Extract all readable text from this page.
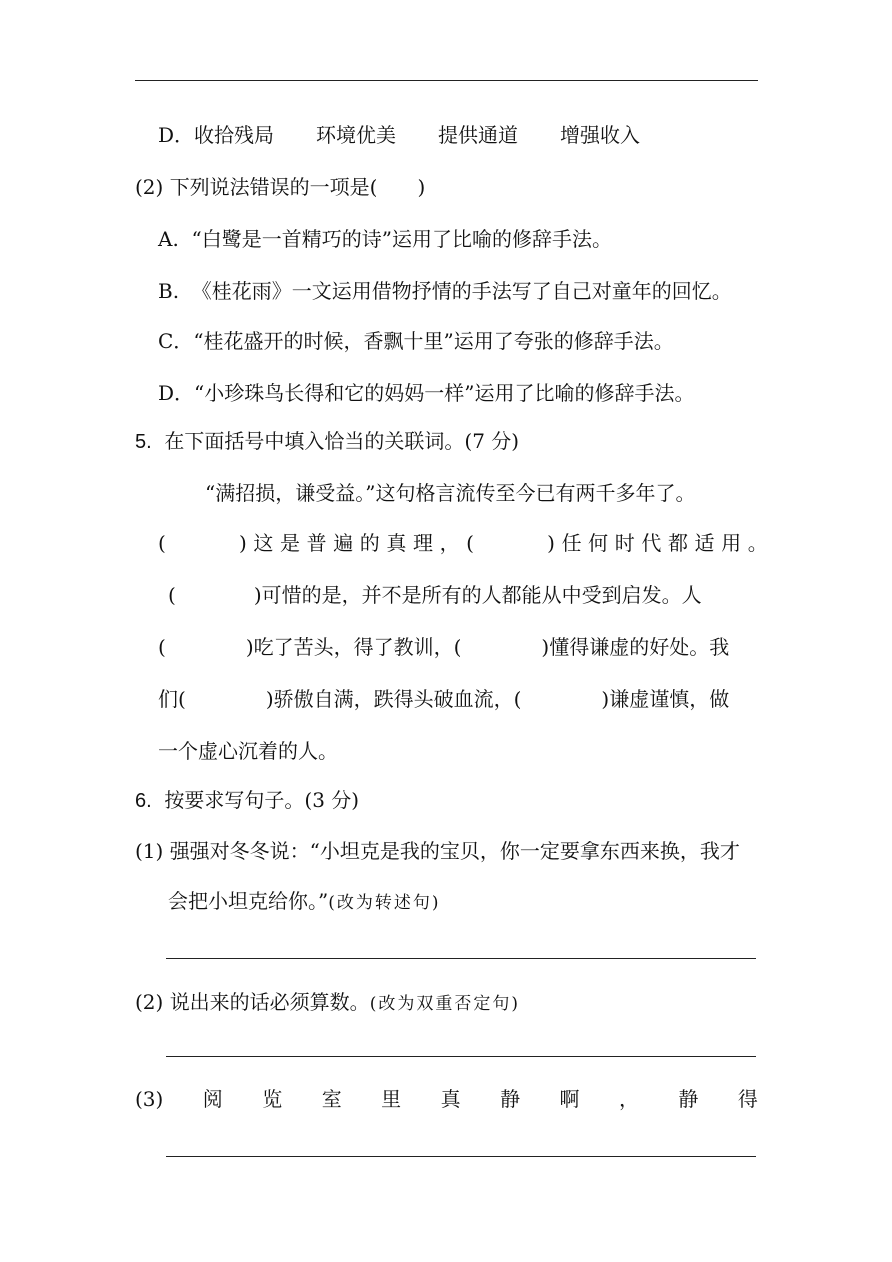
D．收拾残局 环境优美 提供通道 增强收入
(2) 下列说法错误的一项是(　　)
A. “白鹭是一首精巧的诗”运用了比喻的修辞手法。
B. 《桂花雨》一文运用借物抒情的手法写了自己对童年的回忆。
C．“桂花盛开的时候，香飘十里”运用了夸张的修辞手法。
D．“小珍珠鸟长得和它的妈妈一样”运用了比喻的修辞手法。
5. 在下面括号中填入恰当的关联词。(7 分)
“满招损，谦受益。”这句格言流传至今已有两千多年了。
(	) 这 是 普 遍 的 真 理 ， (	) 任 何 时 代 都 适 用 。
(	)可惜的是，并不是所有的人都能从中受到启发。人
(	)吃了苦头，得了教训，(	)懂得谦虚的好处。我
们(	)骄傲自满，跌得头破血流，(	)谦虚谨慎，做
一个虚心沉着的人。
6. 按要求写句子。(3 分)
(1) 强强对冬冬说：“小坦克是我的宝贝，你一定要拿东西来换，我才
会把小坦克给你。”(改为转述句)
(2) 说出来的话必须算数。(改为双重否定句)
(3) 阅 览 室 里 真 静 啊 ， 静 得
